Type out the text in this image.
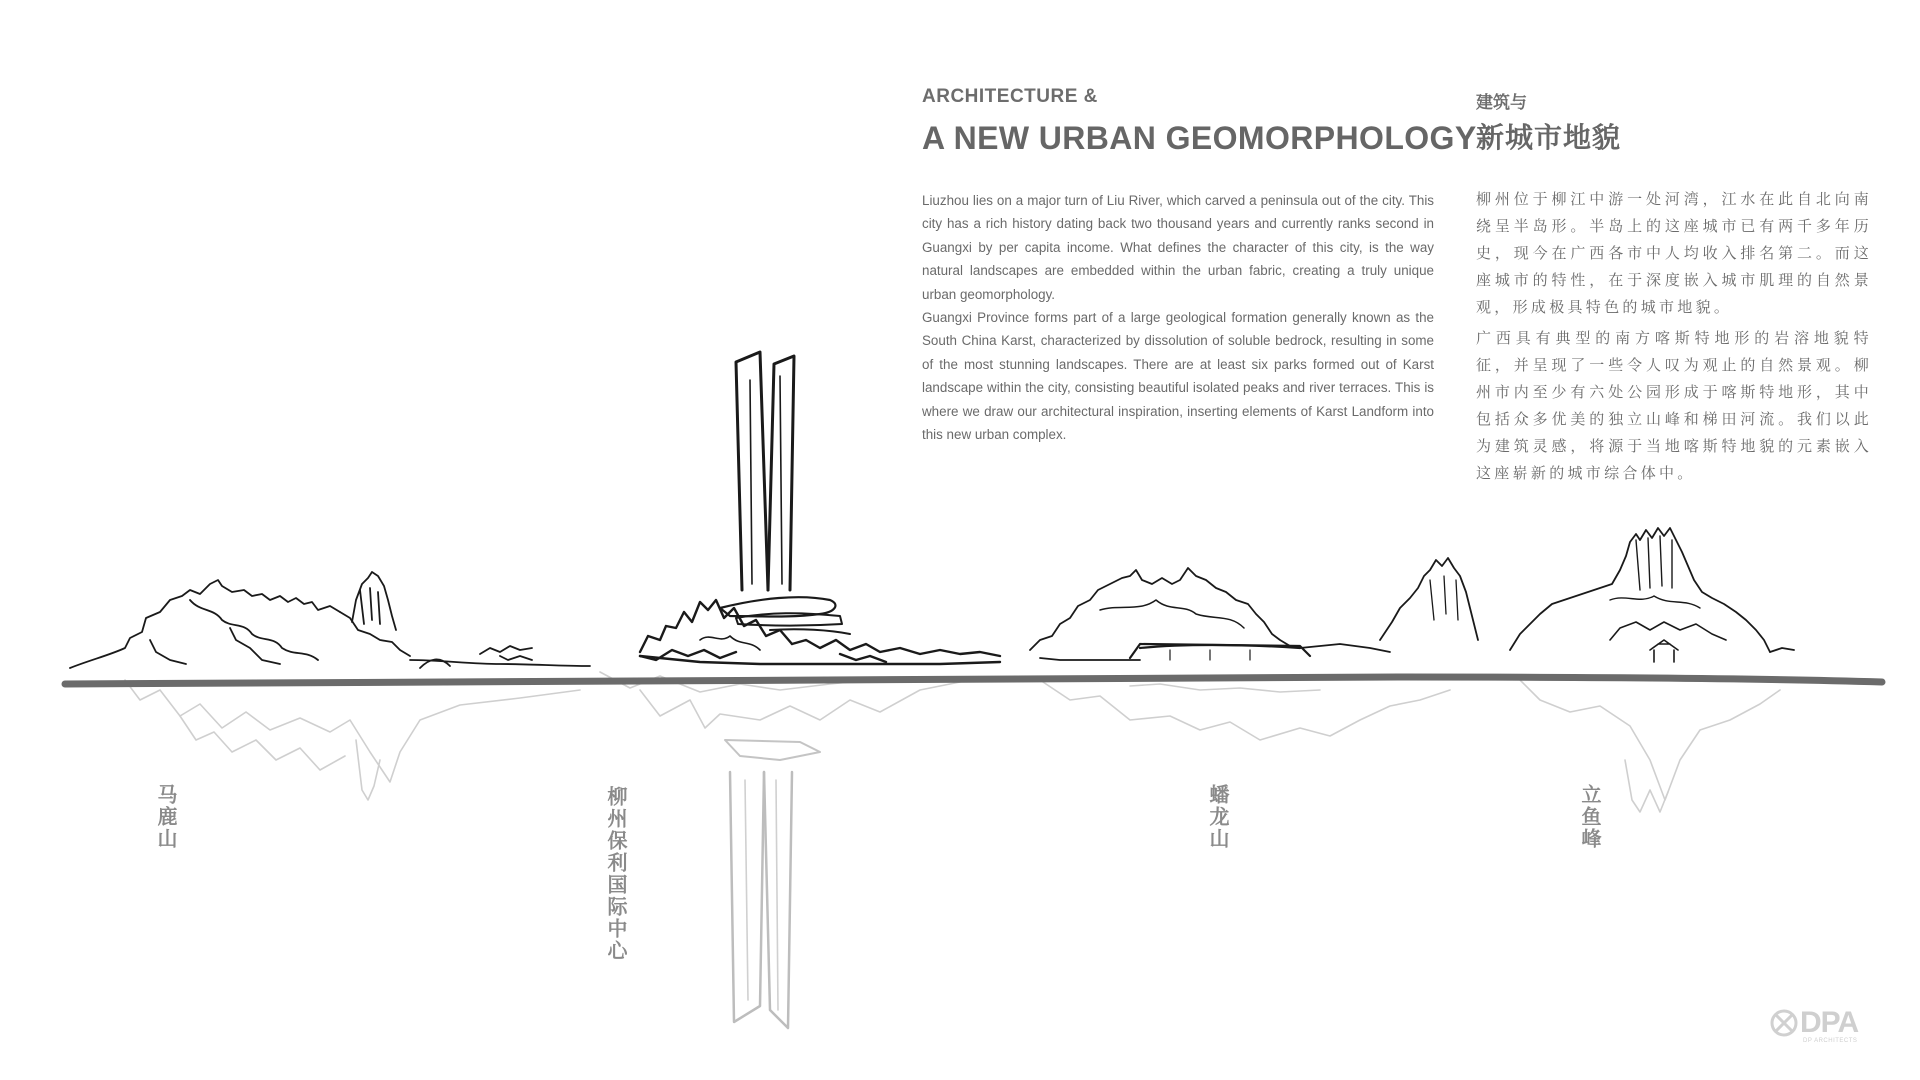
ARCHITECTURE &
A NEW URBAN GEOMORPHOLOGY
建筑与
新城市地貌

Liuzhou lies on a major turn of Liu River, which carved a peninsula out of the city. This city has a rich history dating back two thousand years and currently ranks second in Guangxi by per capita income. What defines the character of this city, is the way natural landscapes are embedded within the urban fabric, creating a truly unique urban geomorphology.

Guangxi Province forms part of a large geological formation generally known as the South China Karst, characterized by dissolution of soluble bedrock, resulting in some of the most stunning landscapes. There are at least six parks formed out of Karst landscape within the city, consisting beautiful isolated peaks and river terraces. This is where we draw our architectural inspiration, inserting elements of Karst Landform into this new urban complex.

柳州位于柳江中游一处河湾，江水在此自北向南绕呈半岛形。半岛上的这座城市已有两千多年历史，现今在广西各市中人均收入排名第二。而这座城市的特性，在于深度嵌入城市肌理的自然景观，形成极具特色的城市地貌。

广西具有典型的南方喀斯特地形的岩溶地貌特征，并呈现了一些令人叹为观止的自然景观。柳州市内至少有六处公园形成于喀斯特地形，其中包括众多优美的独立山峰和梯田河流。我们以此为建筑灵感，将源于当地喀斯特地貌的元素嵌入这座崭新的城市综合体中。

马鹿山	柳州保利国际中心	蟠龙山	立鱼峰
DPA
DP ARCHITECTS
